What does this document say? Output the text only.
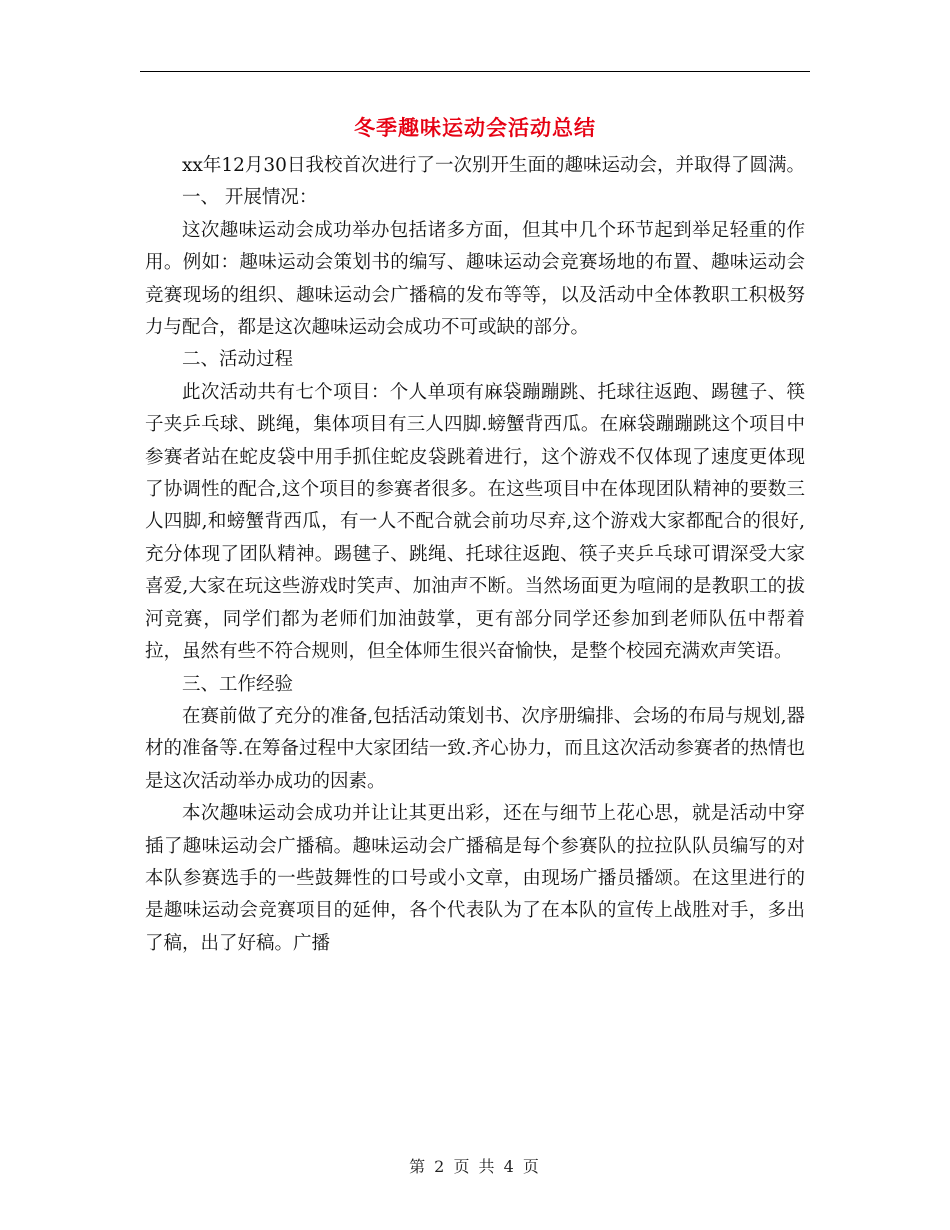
冬季趣味运动会活动总结

xx年12月30日我校首次进行了一次别开生面的趣味运动会，并取得了圆满。

一、 开展情况：

这次趣味运动会成功举办包括诸多方面，但其中几个环节起到举足轻重的作用。例如：趣味运动会策划书的编写、趣味运动会竞赛场地的布置、趣味运动会竞赛现场的组织、趣味运动会广播稿的发布等等，以及活动中全体教职工积极努力与配合，都是这次趣味运动会成功不可或缺的部分。

二、活动过程

此次活动共有七个项目：个人单项有麻袋蹦蹦跳、托球往返跑、踢毽子、筷子夹乒乓球、跳绳，集体项目有三人四脚.螃蟹背西瓜。在麻袋蹦蹦跳这个项目中参赛者站在蛇皮袋中用手抓住蛇皮袋跳着进行，这个游戏不仅体现了速度更体现了协调性的配合,这个项目的参赛者很多。在这些项目中在体现团队精神的要数三人四脚,和螃蟹背西瓜，有一人不配合就会前功尽弃,这个游戏大家都配合的很好,充分体现了团队精神。踢毽子、跳绳、托球往返跑、筷子夹乒乓球可谓深受大家喜爱,大家在玩这些游戏时笑声、加油声不断。当然场面更为喧闹的是教职工的拔河竞赛，同学们都为老师们加油鼓掌，更有部分同学还参加到老师队伍中帮着拉，虽然有些不符合规则，但全体师生很兴奋愉快，是整个校园充满欢声笑语。

三、工作经验

在赛前做了充分的准备,包括活动策划书、次序册编排、会场的布局与规划,器材的准备等.在筹备过程中大家团结一致.齐心协力，而且这次活动参赛者的热情也是这次活动举办成功的因素。

本次趣味运动会成功并让让其更出彩，还在与细节上花心思，就是活动中穿插了趣味运动会广播稿。趣味运动会广播稿是每个参赛队的拉拉队队员编写的对本队参赛选手的一些鼓舞性的口号或小文章，由现场广播员播颂。在这里进行的是趣味运动会竞赛项目的延伸，各个代表队为了在本队的宣传上战胜对手，多出了稿，出了好稿。广播

第 2 页 共 4 页
